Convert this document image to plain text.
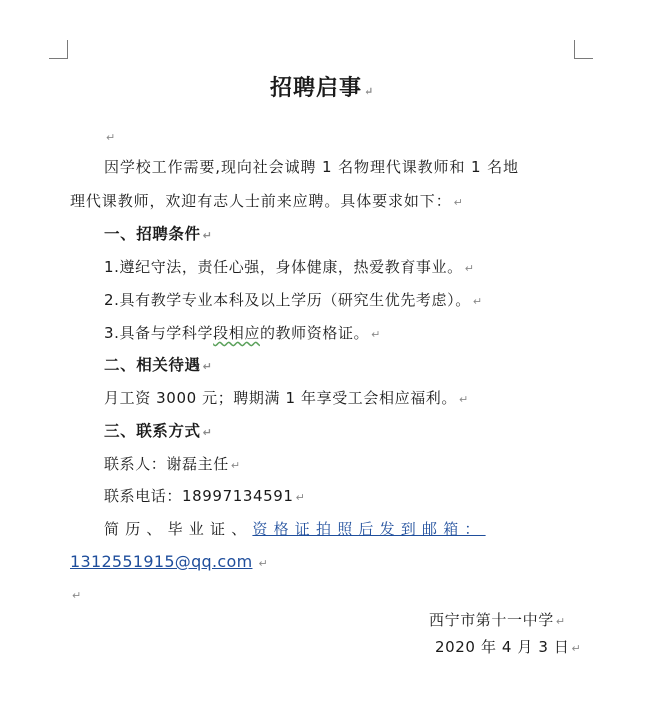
招聘启事 ↵
↵
因学校工作需要,现向社会诚聘 1 名物理代课教师和 1 名地
理代课教师，欢迎有志人士前来应聘。具体要求如下： ↵
一、招聘条件 ↵
1.遵纪守法，责任心强，身体健康，热爱教育事业。 ↵
2.具有教学专业本科及以上学历（研究生优先考虑）。 ↵
3.具备与学科学段相应的教师资格证。 ↵
二、相关待遇 ↵
月工资 3000 元；聘期满 1 年享受工会相应福利。 ↵
三、联系方式 ↵
联系人：谢磊主任 ↵
联系电话：18997134591 ↵
简历、毕业证、资格证拍照后发到邮箱：
1312551915@qq.com ↵
↵
西宁市第十一中学 ↵
2020 年 4 月 3 日 ↵
